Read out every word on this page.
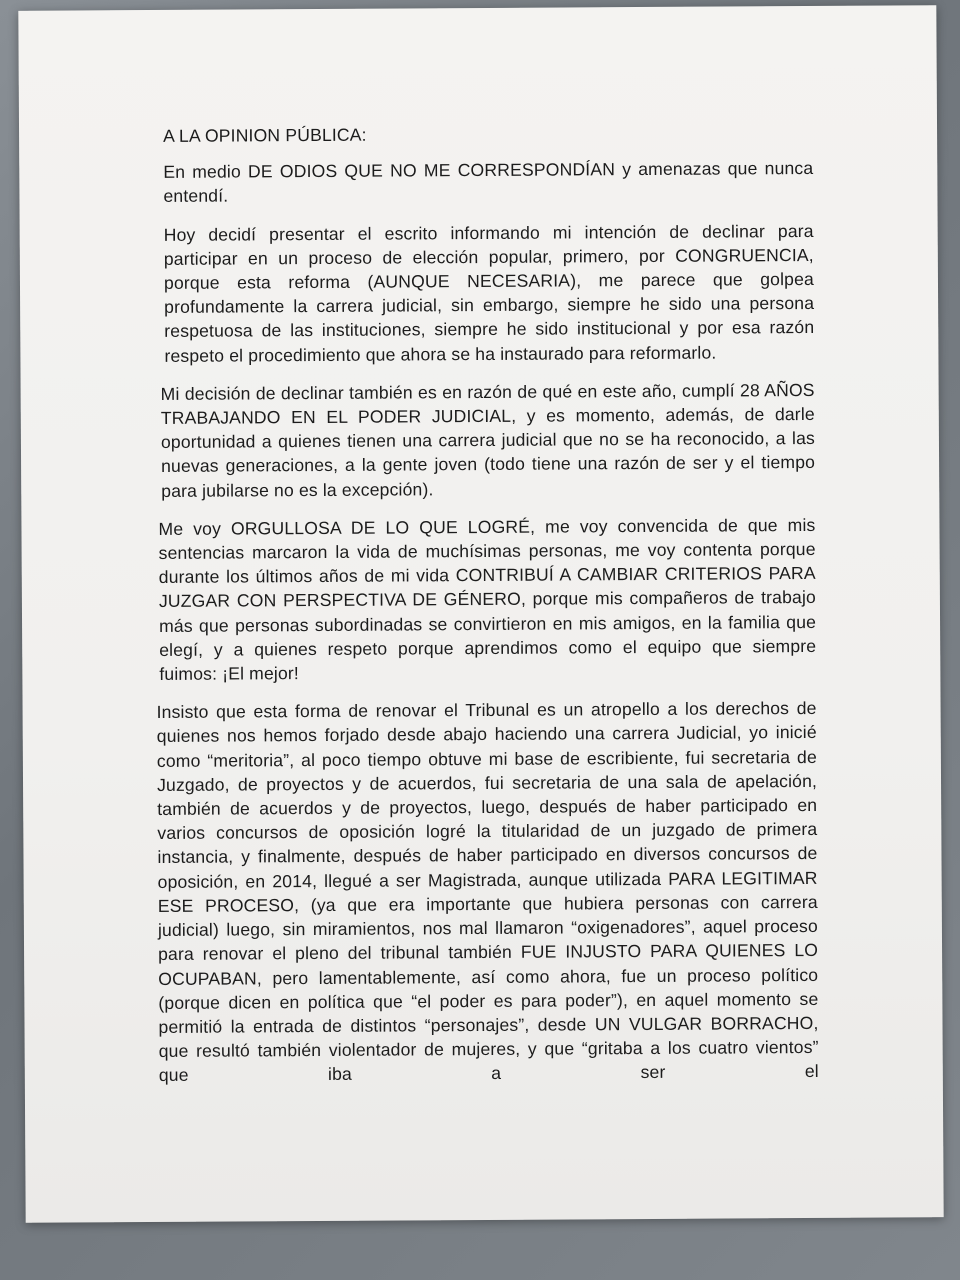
A LA OPINION PÚBLICA:

En medio DE ODIOS QUE NO ME CORRESPONDÍAN y amenazas que nunca entendí.

Hoy decidí presentar el escrito informando mi intención de declinar para participar en un proceso de elección popular, primero, por CONGRUENCIA, porque esta reforma (AUNQUE NECESARIA), me parece que golpea profundamente la carrera judicial, sin embargo, siempre he sido una persona respetuosa de las instituciones, siempre he sido institucional y por esa razón respeto el procedimiento que ahora se ha instaurado para reformarlo.

Mi decisión de declinar también es en razón de qué en este año, cumplí 28 AÑOS TRABAJANDO EN EL PODER JUDICIAL, y es momento, además, de darle oportunidad a quienes tienen una carrera judicial que no se ha reconocido, a las nuevas generaciones, a la gente joven (todo tiene una razón de ser y el tiempo para jubilarse no es la excepción).

Me voy ORGULLOSA DE LO QUE LOGRÉ, me voy convencida de que mis sentencias marcaron la vida de muchísimas personas, me voy contenta porque durante los últimos años de mi vida CONTRIBUÍ A CAMBIAR CRITERIOS PARA JUZGAR CON PERSPECTIVA DE GÉNERO, porque mis compañeros de trabajo más que personas subordinadas se convirtieron en mis amigos, en la familia que elegí, y a quienes respeto porque aprendimos como el equipo que siempre fuimos: ¡El mejor!

Insisto que esta forma de renovar el Tribunal es un atropello a los derechos de quienes nos hemos forjado desde abajo haciendo una carrera Judicial, yo inicié como “meritoria”, al poco tiempo obtuve mi base de escribiente, fui secretaria de Juzgado, de proyectos y de acuerdos, fui secretaria de una sala de apelación, también de acuerdos y de proyectos, luego, después de haber participado en varios concursos de oposición logré la titularidad de un juzgado de primera instancia, y finalmente, después de haber participado en diversos concursos de oposición, en 2014, llegué a ser Magistrada, aunque utilizada PARA LEGITIMAR ESE PROCESO, (ya que era importante que hubiera personas con carrera judicial) luego, sin miramientos, nos mal llamaron “oxigenadores”, aquel proceso para renovar el pleno del tribunal también FUE INJUSTO PARA QUIENES LO OCUPABAN, pero lamentablemente, así como ahora, fue un proceso político (porque dicen en política que “el poder es para poder”), en aquel momento se permitió la entrada de distintos “personajes”, desde UN VULGAR BORRACHO, que resultó también violentador de mujeres, y que “gritaba a los cuatro vientos” que iba a ser el
